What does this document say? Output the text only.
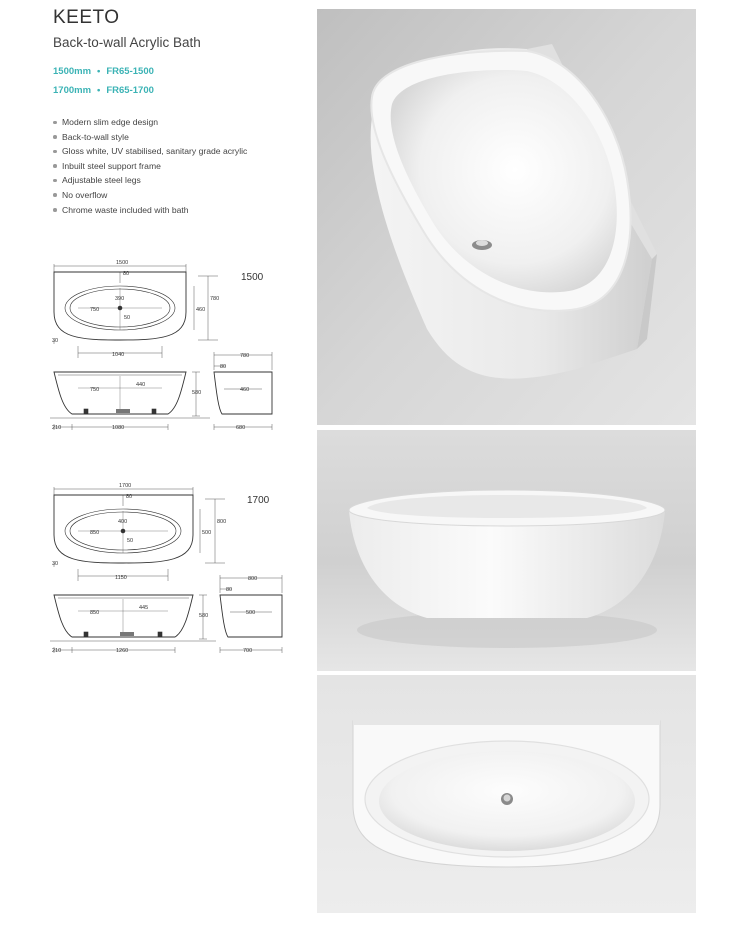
KEETO
Back-to-wall Acrylic Bath
1500mm • FR65-1500
1700mm • FR65-1700
Modern slim edge design
Back-to-wall style
Gloss white, UV stabilised, sanitary grade acrylic
Inbuilt steel support frame
Adjustable steel legs
No overflow
Chrome waste included with bath
1500
1500
80
780
390
750
50
460
30
1040
750
440
580
210	1080
780
80
460
680
1700
1700
80
800
400
850
50
500
30
1150
850
445
580
210	1260
800
80
500
700
